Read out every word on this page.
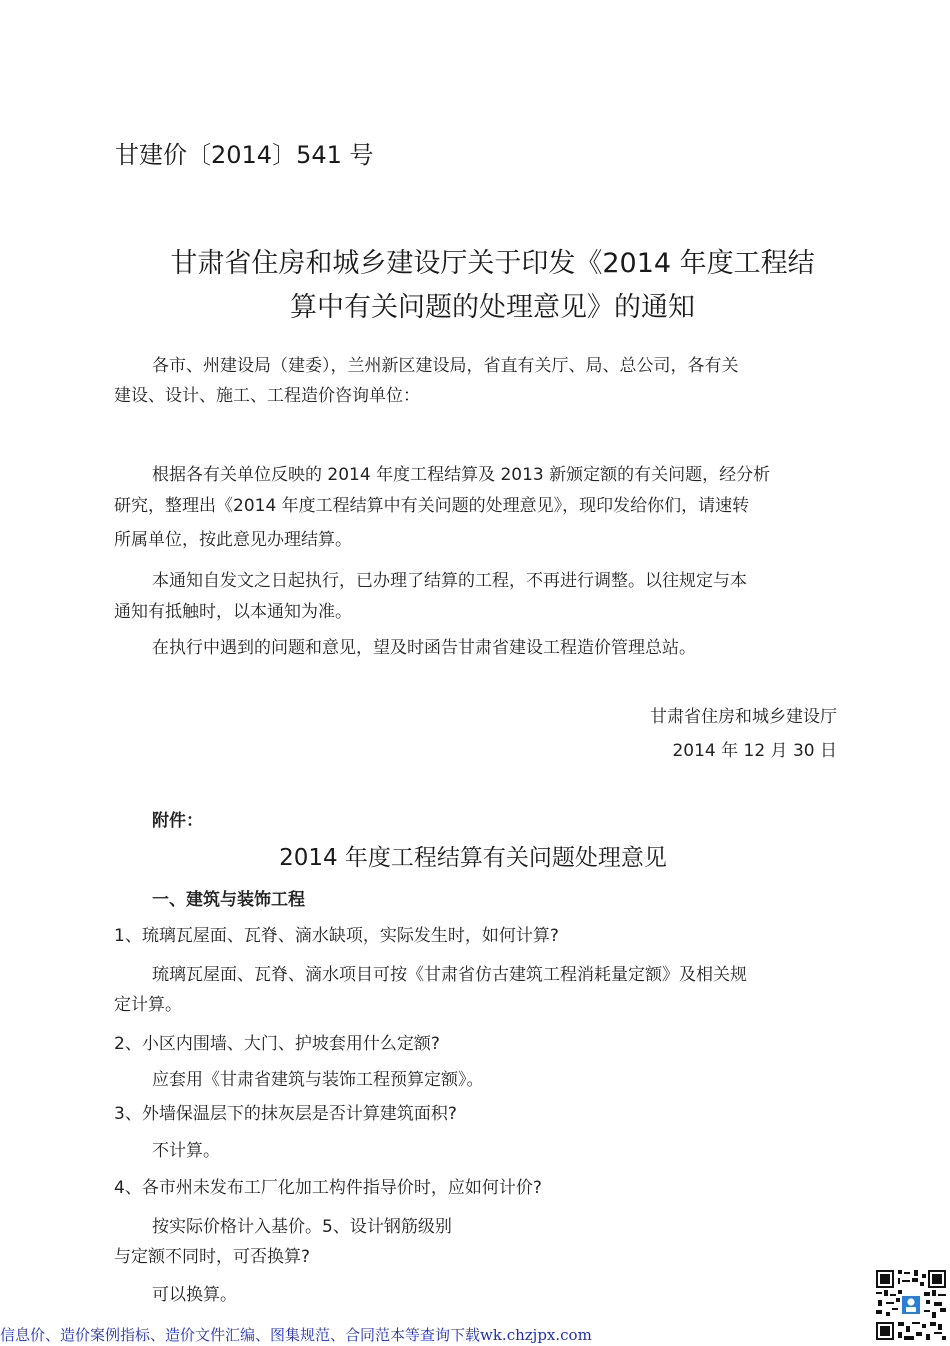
甘建价〔2014〕541 号

甘肃省住房和城乡建设厅关于印发《2014 年度工程结

算中有关问题的处理意见》的通知

各市、州建设局（建委），兰州新区建设局，省直有关厅、局、总公司，各有关

建设、设计、施工、工程造价咨询单位：

根据各有关单位反映的 2014 年度工程结算及 2013 新颁定额的有关问题，经分析

研究，整理出《2014 年度工程结算中有关问题的处理意见》，现印发给你们，请速转

所属单位，按此意见办理结算。

本通知自发文之日起执行，已办理了结算的工程，不再进行调整。以往规定与本

通知有抵触时，以本通知为准。

在执行中遇到的问题和意见，望及时函告甘肃省建设工程造价管理总站。

甘肃省住房和城乡建设厅

2014 年 12 月 30 日

附件：

2014 年度工程结算有关问题处理意见

一、建筑与装饰工程

1、琉璃瓦屋面、瓦脊、滴水缺项，实际发生时，如何计算?

琉璃瓦屋面、瓦脊、滴水项目可按《甘肃省仿古建筑工程消耗量定额》及相关规

定计算。

2、小区内围墙、大门、护坡套用什么定额?

应套用《甘肃省建筑与装饰工程预算定额》。

3、外墙保温层下的抹灰层是否计算建筑面积?

不计算。

4、各市州未发布工厂化加工构件指导价时，应如何计价?

按实际价格计入基价。5、设计钢筋级别

与定额不同时，可否换算?

可以换算。

信息价、造价案例指标、造价文件汇编、图集规范、合同范本等查询下载wk.chzjpx.com
